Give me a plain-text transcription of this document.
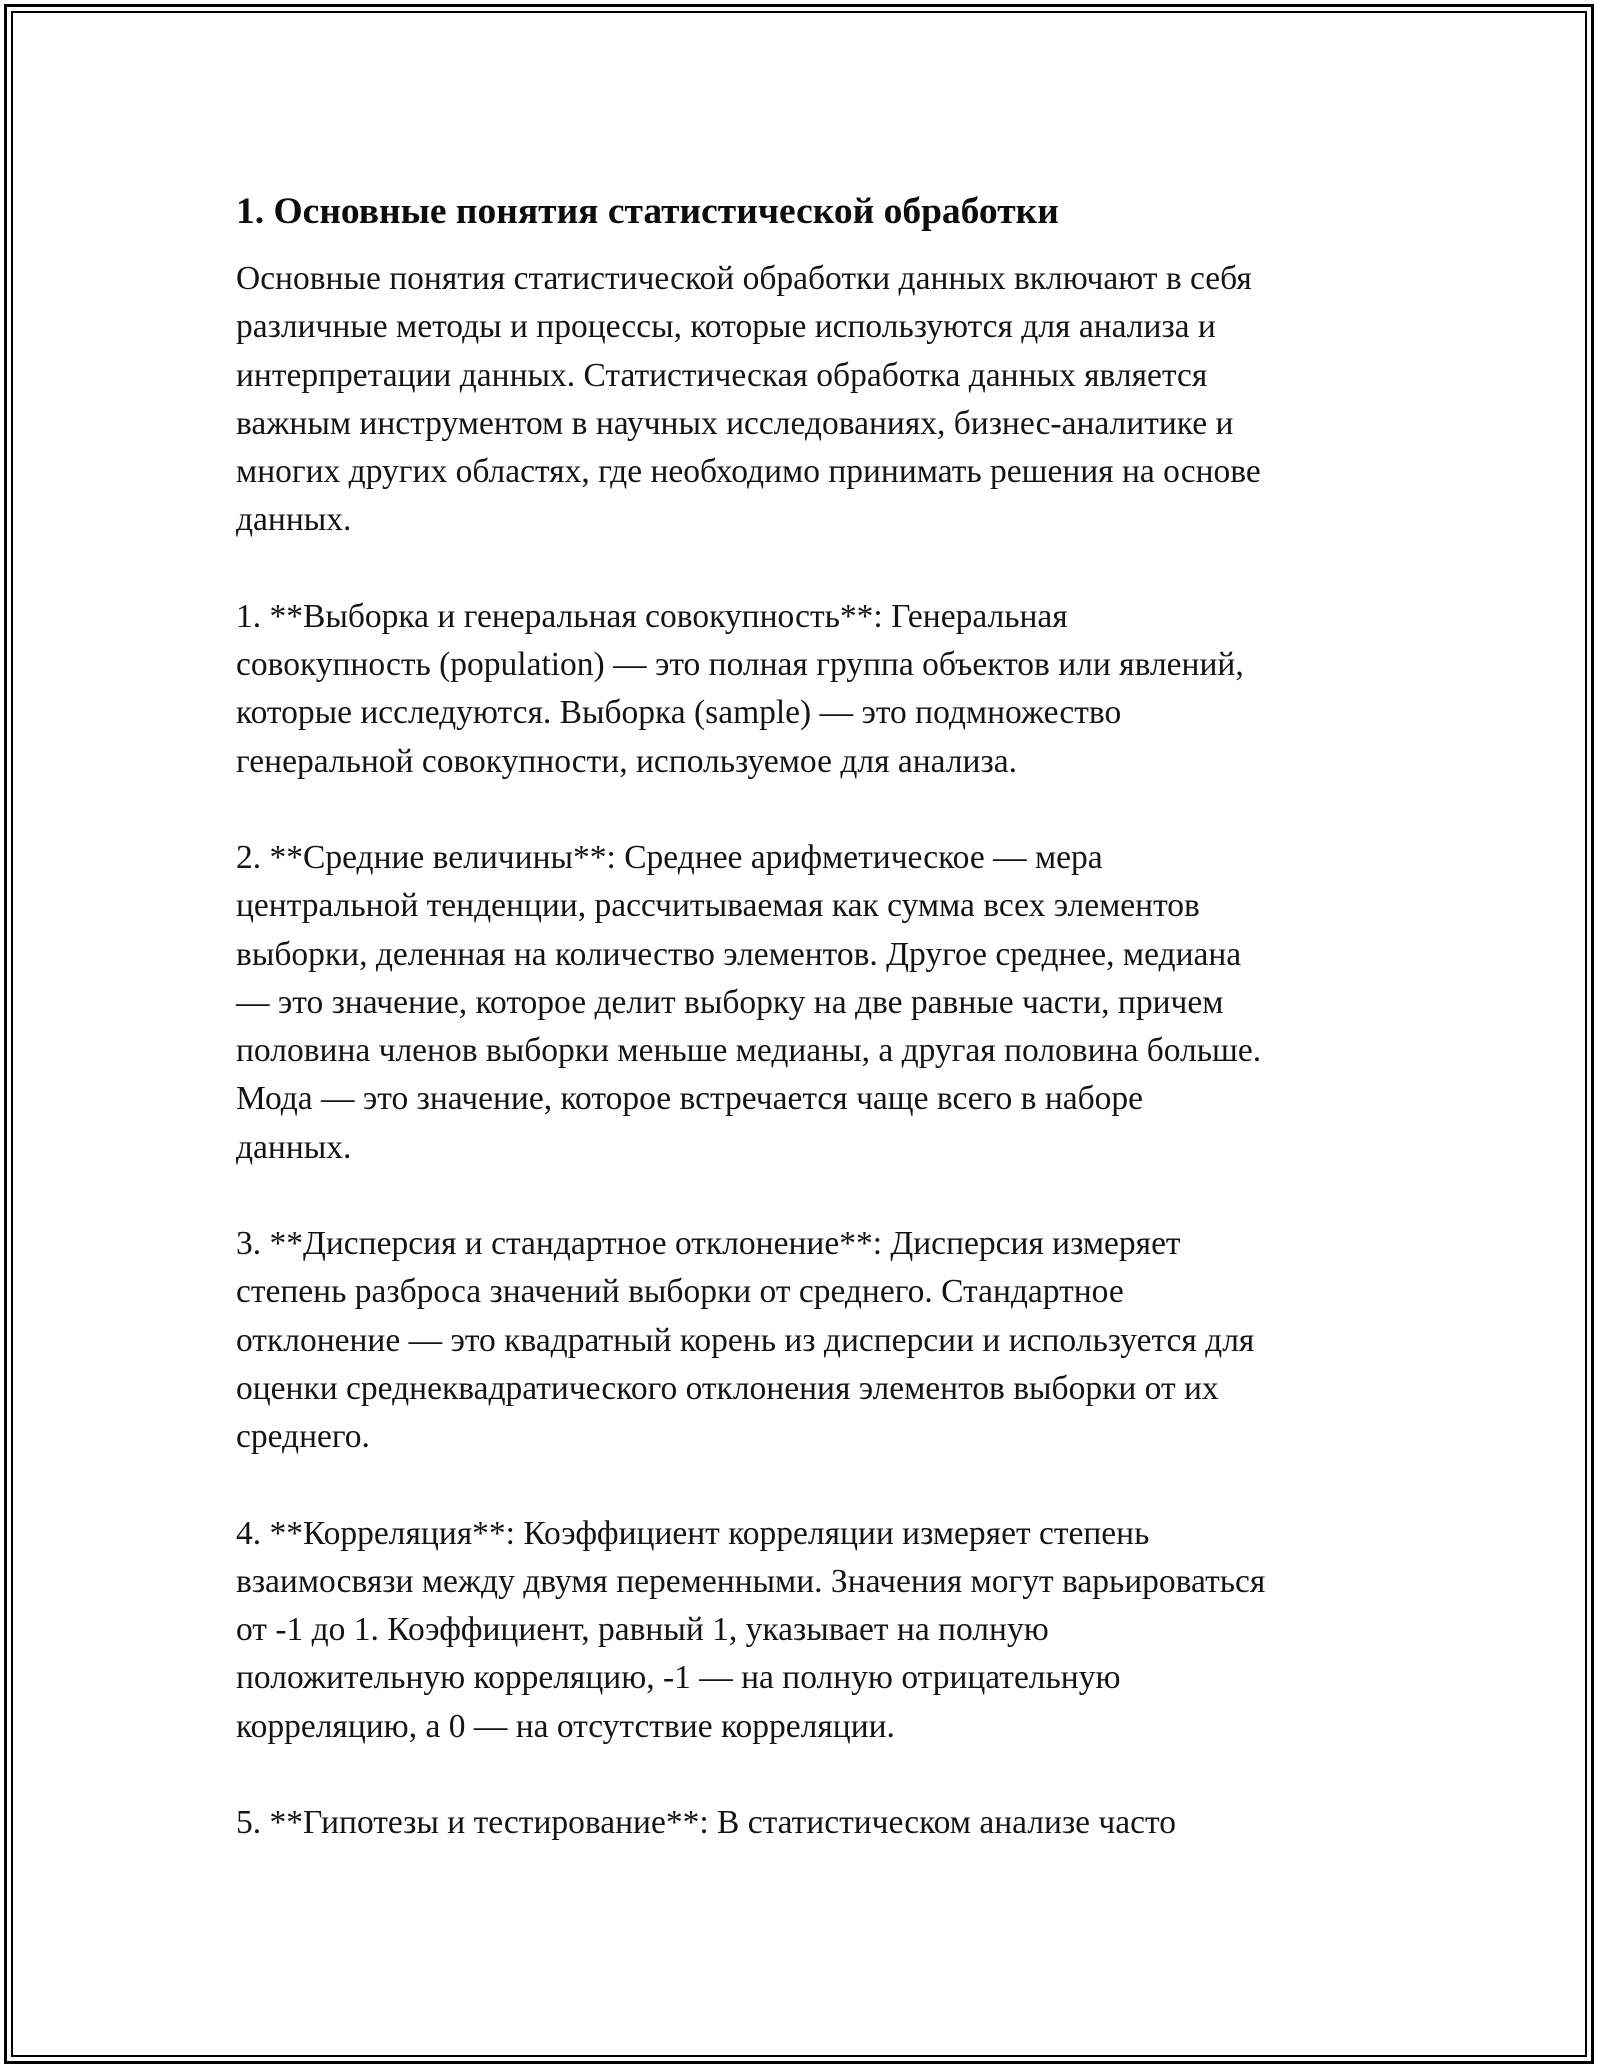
1. Основные понятия статистической обработки

Основные понятия статистической обработки данных включают в себя
различные методы и процессы, которые используются для анализа и
интерпретации данных. Статистическая обработка данных является
важным инструментом в научных исследованиях, бизнес-аналитике и
многих других областях, где необходимо принимать решения на основе
данных.

1. **Выборка и генеральная совокупность**: Генеральная
совокупность (population) — это полная группа объектов или явлений,
которые исследуются. Выборка (sample) — это подмножество
генеральной совокупности, используемое для анализа.

2. **Средние величины**: Среднее арифметическое — мера
центральной тенденции, рассчитываемая как сумма всех элементов
выборки, деленная на количество элементов. Другое среднее, медиана
— это значение, которое делит выборку на две равные части, причем
половина членов выборки меньше медианы, а другая половина больше.
Мода — это значение, которое встречается чаще всего в наборе
данных.

3. **Дисперсия и стандартное отклонение**: Дисперсия измеряет
степень разброса значений выборки от среднего. Стандартное
отклонение — это квадратный корень из дисперсии и используется для
оценки среднеквадратического отклонения элементов выборки от их
среднего.

4. **Корреляция**: Коэффициент корреляции измеряет степень
взаимосвязи между двумя переменными. Значения могут варьироваться
от -1 до 1. Коэффициент, равный 1, указывает на полную
положительную корреляцию, -1 — на полную отрицательную
корреляцию, а 0 — на отсутствие корреляции.

5. **Гипотезы и тестирование**: В статистическом анализе часто
